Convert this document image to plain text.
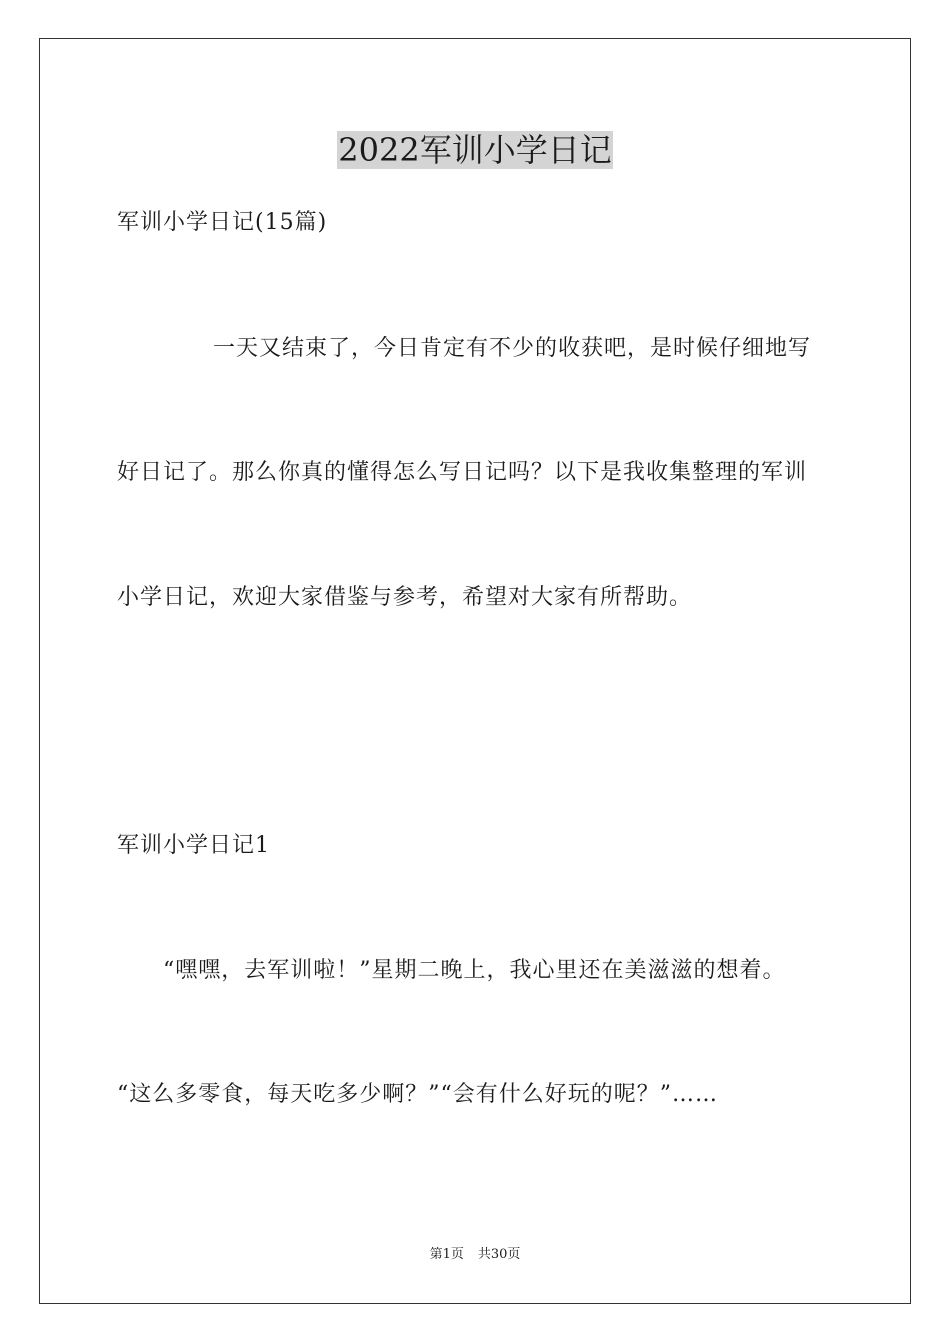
2022军训小学日记
军训小学日记(15篇)
一天又结束了，今日肯定有不少的收获吧，是时候仔细地写
好日记了。那么你真的懂得怎么写日记吗？以下是我收集整理的军训
小学日记，欢迎大家借鉴与参考，希望对大家有所帮助。
军训小学日记1
“嘿嘿，去军训啦！”星期二晚上，我心里还在美滋滋的想着。
“这么多零食，每天吃多少啊？”“会有什么好玩的呢？”……
第1页 共30页
